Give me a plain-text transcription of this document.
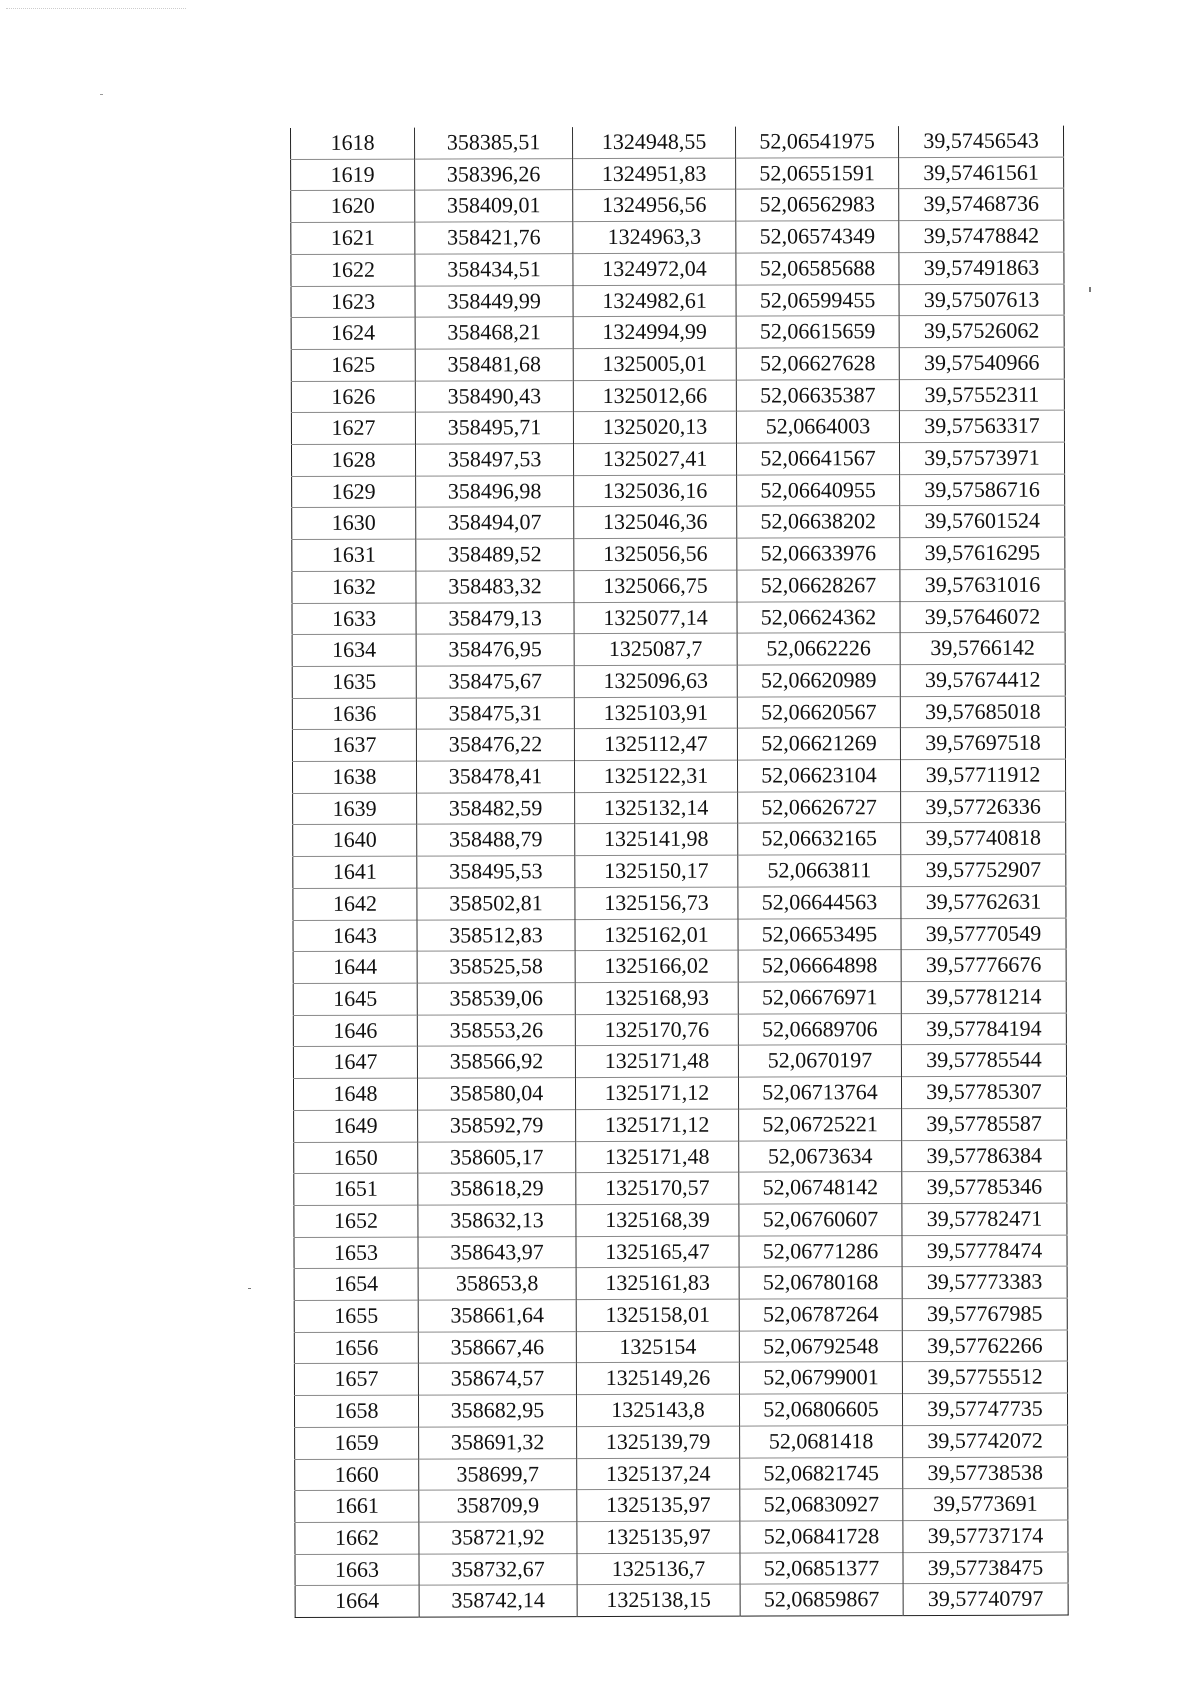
1618	358385,51	1324948,55	52,06541975	39,57456543
1619	358396,26	1324951,83	52,06551591	39,57461561
1620	358409,01	1324956,56	52,06562983	39,57468736
1621	358421,76	1324963,3	52,06574349	39,57478842
1622	358434,51	1324972,04	52,06585688	39,57491863
1623	358449,99	1324982,61	52,06599455	39,57507613
1624	358468,21	1324994,99	52,06615659	39,57526062
1625	358481,68	1325005,01	52,06627628	39,57540966
1626	358490,43	1325012,66	52,06635387	39,57552311
1627	358495,71	1325020,13	52,0664003	39,57563317
1628	358497,53	1325027,41	52,06641567	39,57573971
1629	358496,98	1325036,16	52,06640955	39,57586716
1630	358494,07	1325046,36	52,06638202	39,57601524
1631	358489,52	1325056,56	52,06633976	39,57616295
1632	358483,32	1325066,75	52,06628267	39,57631016
1633	358479,13	1325077,14	52,06624362	39,57646072
1634	358476,95	1325087,7	52,0662226	39,5766142
1635	358475,67	1325096,63	52,06620989	39,57674412
1636	358475,31	1325103,91	52,06620567	39,57685018
1637	358476,22	1325112,47	52,06621269	39,57697518
1638	358478,41	1325122,31	52,06623104	39,57711912
1639	358482,59	1325132,14	52,06626727	39,57726336
1640	358488,79	1325141,98	52,06632165	39,57740818
1641	358495,53	1325150,17	52,0663811	39,57752907
1642	358502,81	1325156,73	52,06644563	39,57762631
1643	358512,83	1325162,01	52,06653495	39,57770549
1644	358525,58	1325166,02	52,06664898	39,57776676
1645	358539,06	1325168,93	52,06676971	39,57781214
1646	358553,26	1325170,76	52,06689706	39,57784194
1647	358566,92	1325171,48	52,0670197	39,57785544
1648	358580,04	1325171,12	52,06713764	39,57785307
1649	358592,79	1325171,12	52,06725221	39,57785587
1650	358605,17	1325171,48	52,0673634	39,57786384
1651	358618,29	1325170,57	52,06748142	39,57785346
1652	358632,13	1325168,39	52,06760607	39,57782471
1653	358643,97	1325165,47	52,06771286	39,57778474
1654	358653,8	1325161,83	52,06780168	39,57773383
1655	358661,64	1325158,01	52,06787264	39,57767985
1656	358667,46	1325154	52,06792548	39,57762266
1657	358674,57	1325149,26	52,06799001	39,57755512
1658	358682,95	1325143,8	52,06806605	39,57747735
1659	358691,32	1325139,79	52,0681418	39,57742072
1660	358699,7	1325137,24	52,06821745	39,57738538
1661	358709,9	1325135,97	52,06830927	39,5773691
1662	358721,92	1325135,97	52,06841728	39,57737174
1663	358732,67	1325136,7	52,06851377	39,57738475
1664	358742,14	1325138,15	52,06859867	39,57740797
